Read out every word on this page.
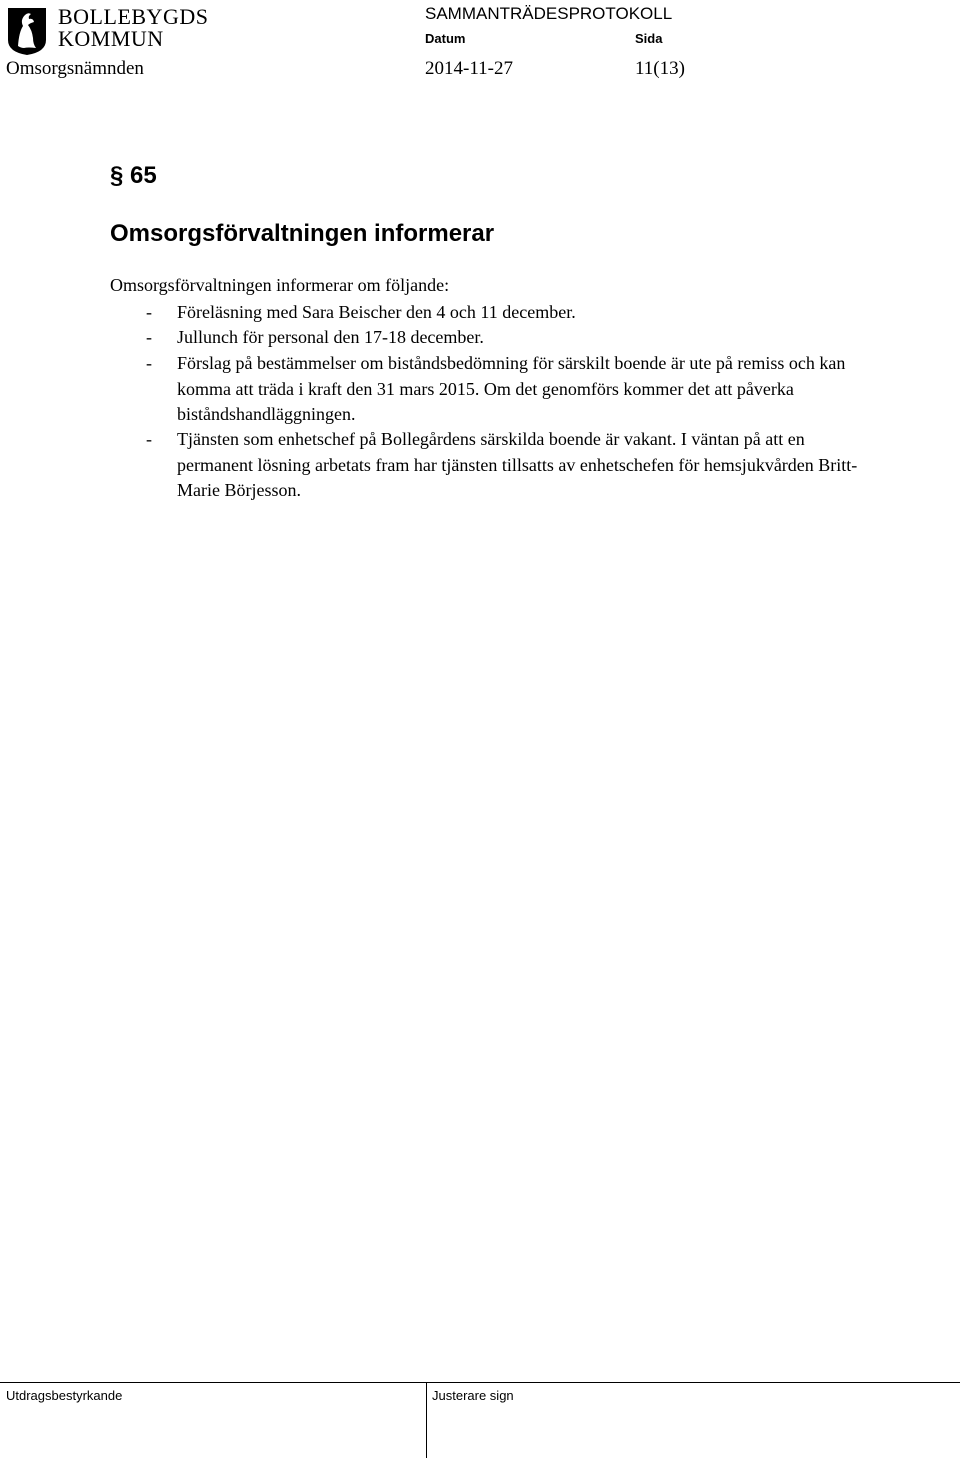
BOLLEBYGDS
KOMMUN
SAMMANTRÄDESPROTOKOLL
Datum	Sida
Omsorgsnämnden	2014-11-27	11(13)
§ 65
Omsorgsförvaltningen informerar
Omsorgsförvaltningen informerar om följande:
-	Föreläsning med Sara Beischer den 4 och 11 december.
-	Jullunch för personal den 17-18 december.
-	Förslag på bestämmelser om biståndsbedömning för särskilt boende är ute på remiss och kan komma att träda i kraft den 31 mars 2015. Om det genomförs kommer det att påverka biståndshandläggningen.
-	Tjänsten som enhetschef på Bollegårdens särskilda boende är vakant. I väntan på att en permanent lösning arbetats fram har tjänsten tillsatts av enhetschefen för hemsjukvården Britt-Marie Börjesson.
Utdragsbestyrkande	Justerare sign
